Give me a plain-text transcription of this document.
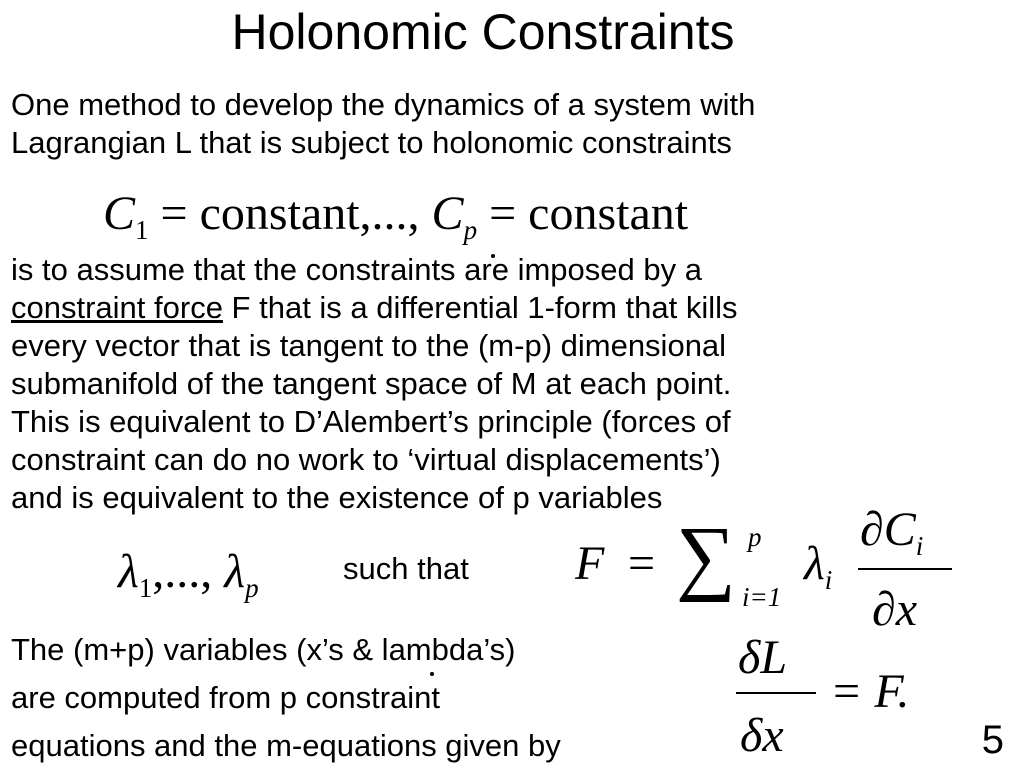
Holonomic Constraints

One method to develop the dynamics of a system with
Lagrangian L that is subject to holonomic constraints

$C_1$ = constant,..., $C_p$ = constant

is to assume that the constraints are imposed by a
constraint force F that is a differential 1-form that kills
every vector that is tangent to the (m-p) dimensional
submanifold of the tangent space of M at each point.
This is equivalent to D’Alembert’s principle (forces of
constraint can do no work to ‘virtual displacements’)
and is equivalent to the existence of p variables

$\lambda_1$,..., $\lambda_p$
such that F = ∑ p
i=1
$\lambda_i$
$\partial C_i$
∂x

The (m+p) variables (x’s & lambda’s)
are computed from p constraint
equations and the m-equations given by

δL
δx
= F.
5
